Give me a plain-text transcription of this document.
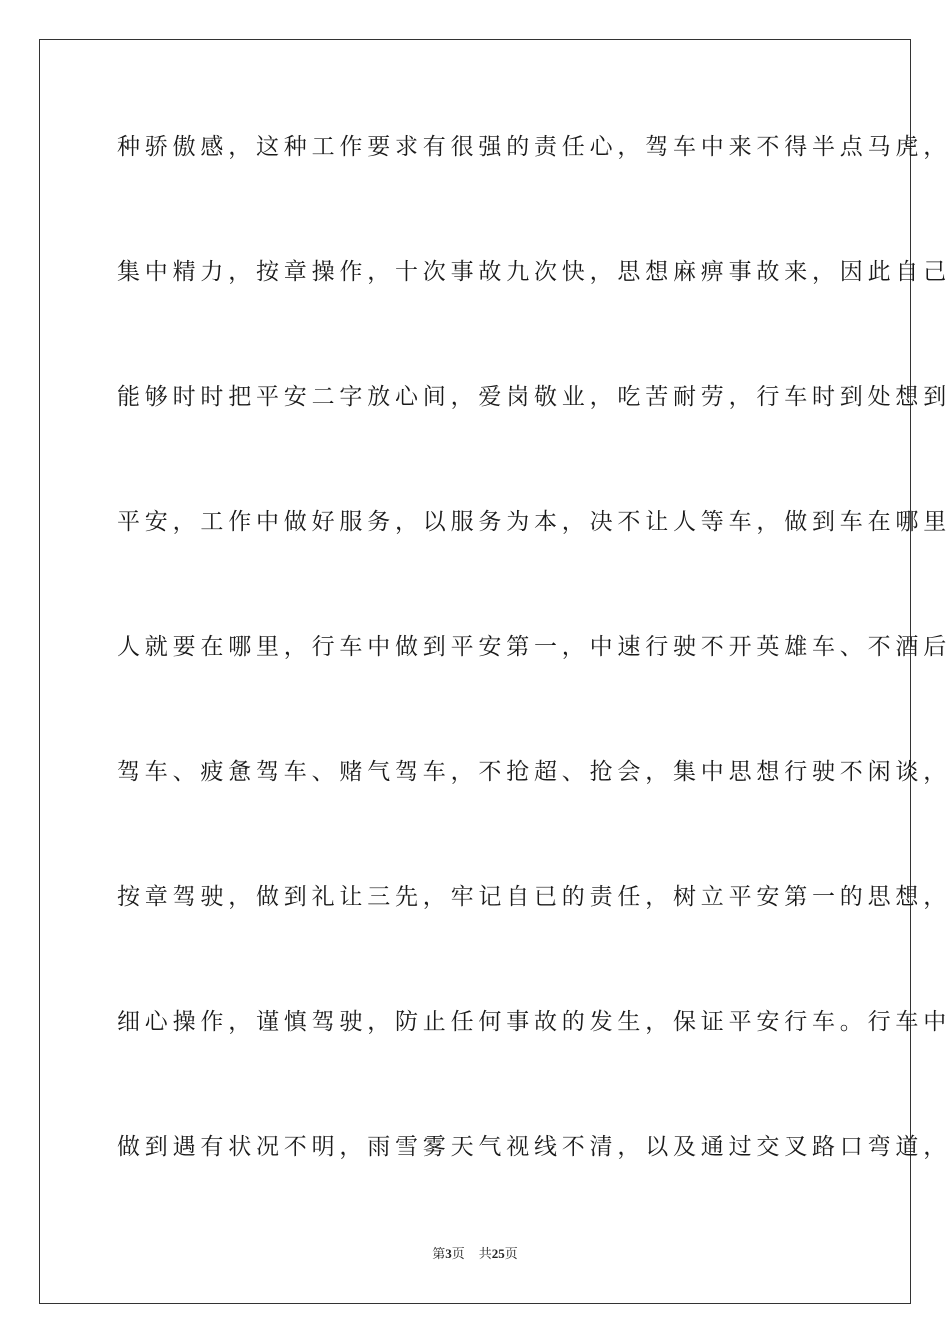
种骄傲感，这种工作要求有很强的责任心，驾车中来不得半点马虎，
集中精力，按章操作，十次事故九次快，思想麻痹事故来，因此自己
能够时时把平安二字放心间，爱岗敬业，吃苦耐劳，行车时到处想到
平安，工作中做好服务，以服务为本，决不让人等车，做到车在哪里
人就要在哪里，行车中做到平安第一，中速行驶不开英雄车、不酒后
驾车、疲惫驾车、赌气驾车，不抢超、抢会，集中思想行驶不闲谈，
按章驾驶，做到礼让三先，牢记自已的责任，树立平安第一的思想，
细心操作，谨慎驾驶，防止任何事故的发生，保证平安行车。行车中
做到遇有状况不明，雨雪雾天气视线不清，以及通过交叉路口弯道，
第3页 共25页
